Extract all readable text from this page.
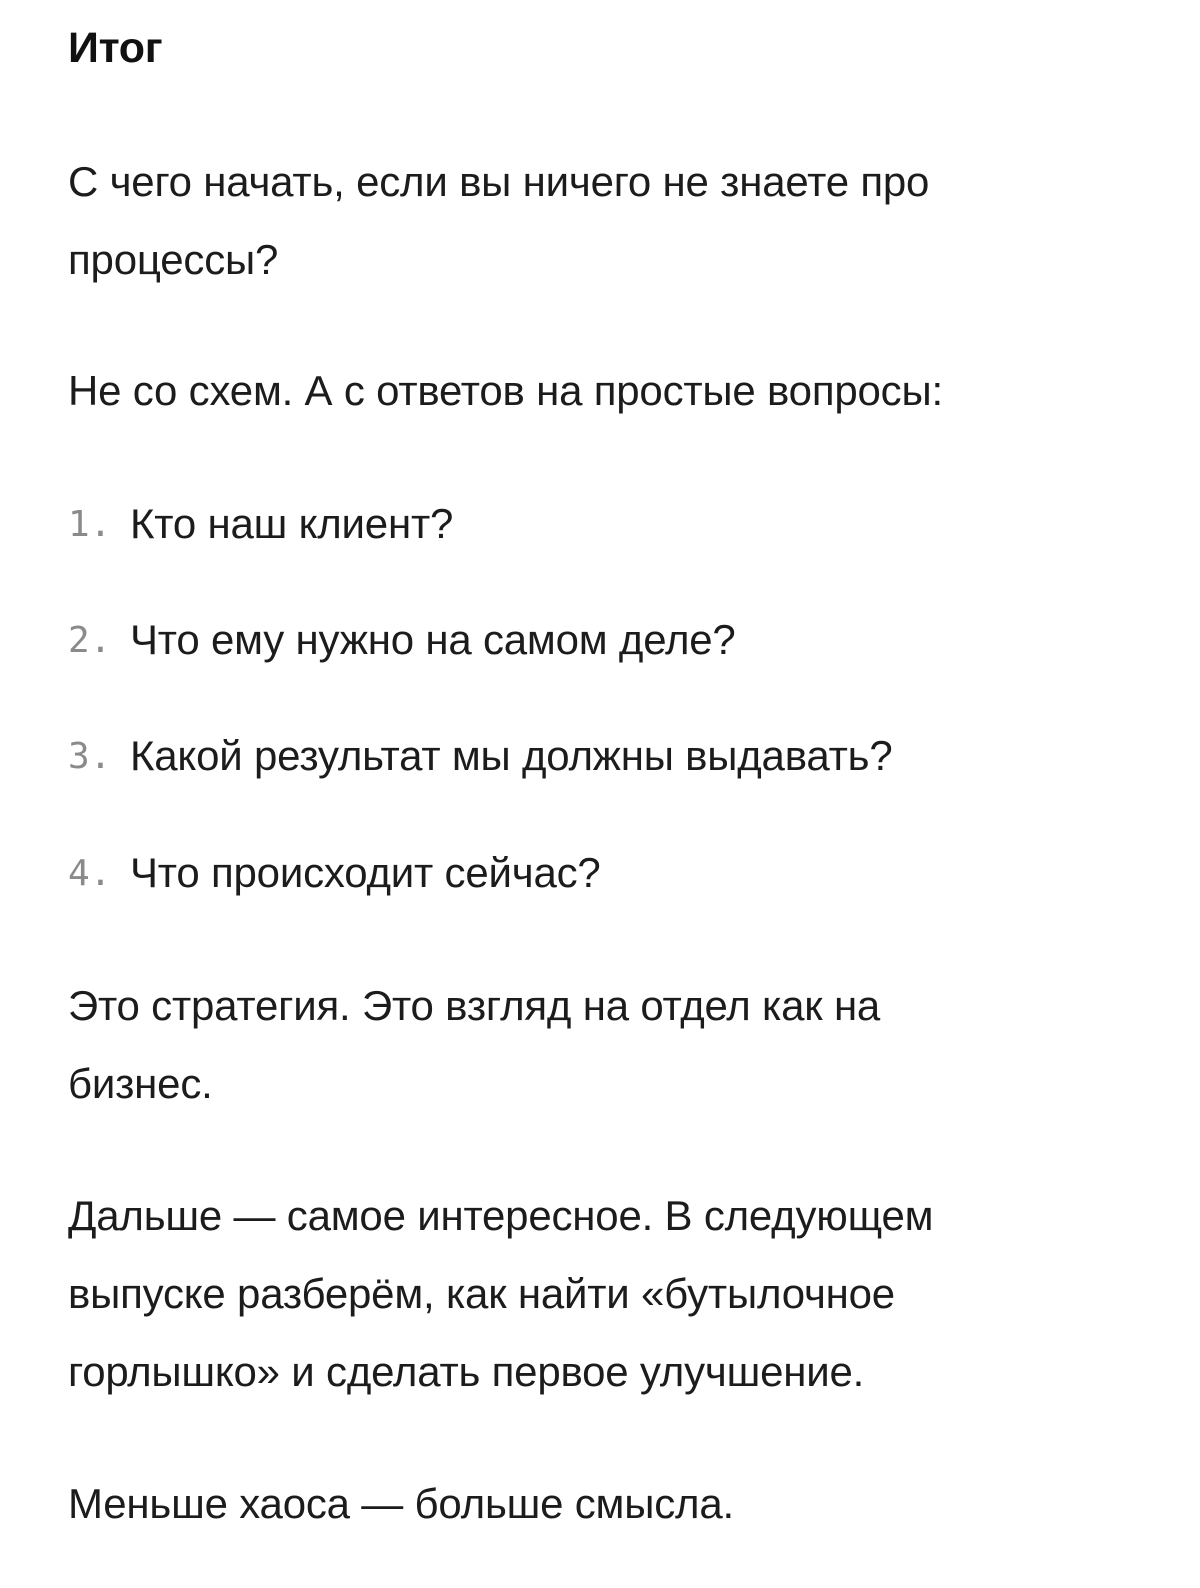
Итог

С чего начать, если вы ничего не знаете про
процессы?

Не со схем. А с ответов на простые вопросы:

1. Кто наш клиент?
2. Что ему нужно на самом деле?
3. Какой результат мы должны выдавать?
4. Что происходит сейчас?

Это стратегия. Это взгляд на отдел как на
бизнес.

Дальше — самое интересное. В следующем
выпуске разберём, как найти «бутылочное
горлышко» и сделать первое улучшение.

Меньше хаоса — больше смысла.
